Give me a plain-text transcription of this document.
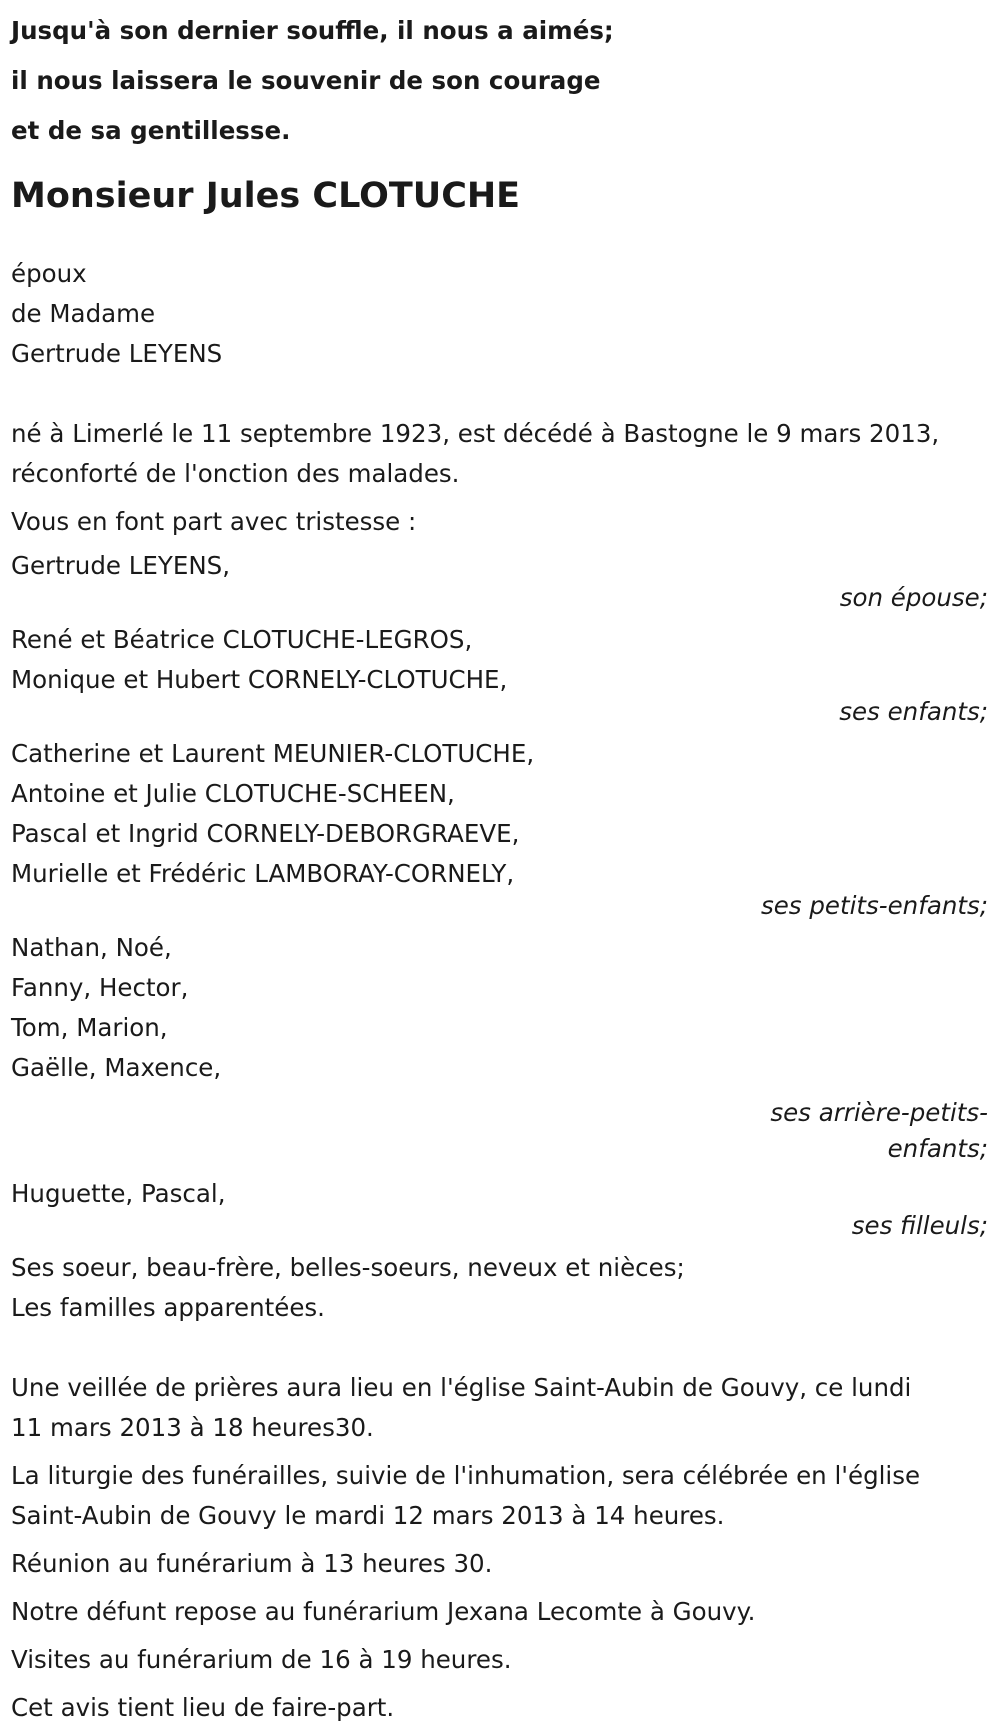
Jusqu'à son dernier souffle, il nous a aimés;
il nous laissera le souvenir de son courage
et de sa gentillesse.
Monsieur Jules CLOTUCHE
époux
de Madame
Gertrude LEYENS
né à Limerlé le 11 septembre 1923, est décédé à Bastogne le 9 mars 2013,
réconforté de l'onction des malades.
Vous en font part avec tristesse :
Gertrude LEYENS,
son épouse;
René et Béatrice CLOTUCHE-LEGROS,
Monique et Hubert CORNELY-CLOTUCHE,
ses enfants;
Catherine et Laurent MEUNIER-CLOTUCHE,
Antoine et Julie CLOTUCHE-SCHEEN,
Pascal et Ingrid CORNELY-DEBORGRAEVE,
Murielle et Frédéric LAMBORAY-CORNELY,
ses petits-enfants;
Nathan, Noé,
Fanny, Hector,
Tom, Marion,
Gaëlle, Maxence,
ses arrière-petits-
enfants;
Huguette, Pascal,
ses filleuls;
Ses soeur, beau-frère, belles-soeurs, neveux et nièces;
Les familles apparentées.
Une veillée de prières aura lieu en l'église Saint-Aubin de Gouvy, ce lundi
11 mars 2013 à 18 heures30.
La liturgie des funérailles, suivie de l'inhumation, sera célébrée en l'église
Saint-Aubin de Gouvy le mardi 12 mars 2013 à 14 heures.
Réunion au funérarium à 13 heures 30.
Notre défunt repose au funérarium Jexana Lecomte à Gouvy.
Visites au funérarium de 16 à 19 heures.
Cet avis tient lieu de faire-part.
